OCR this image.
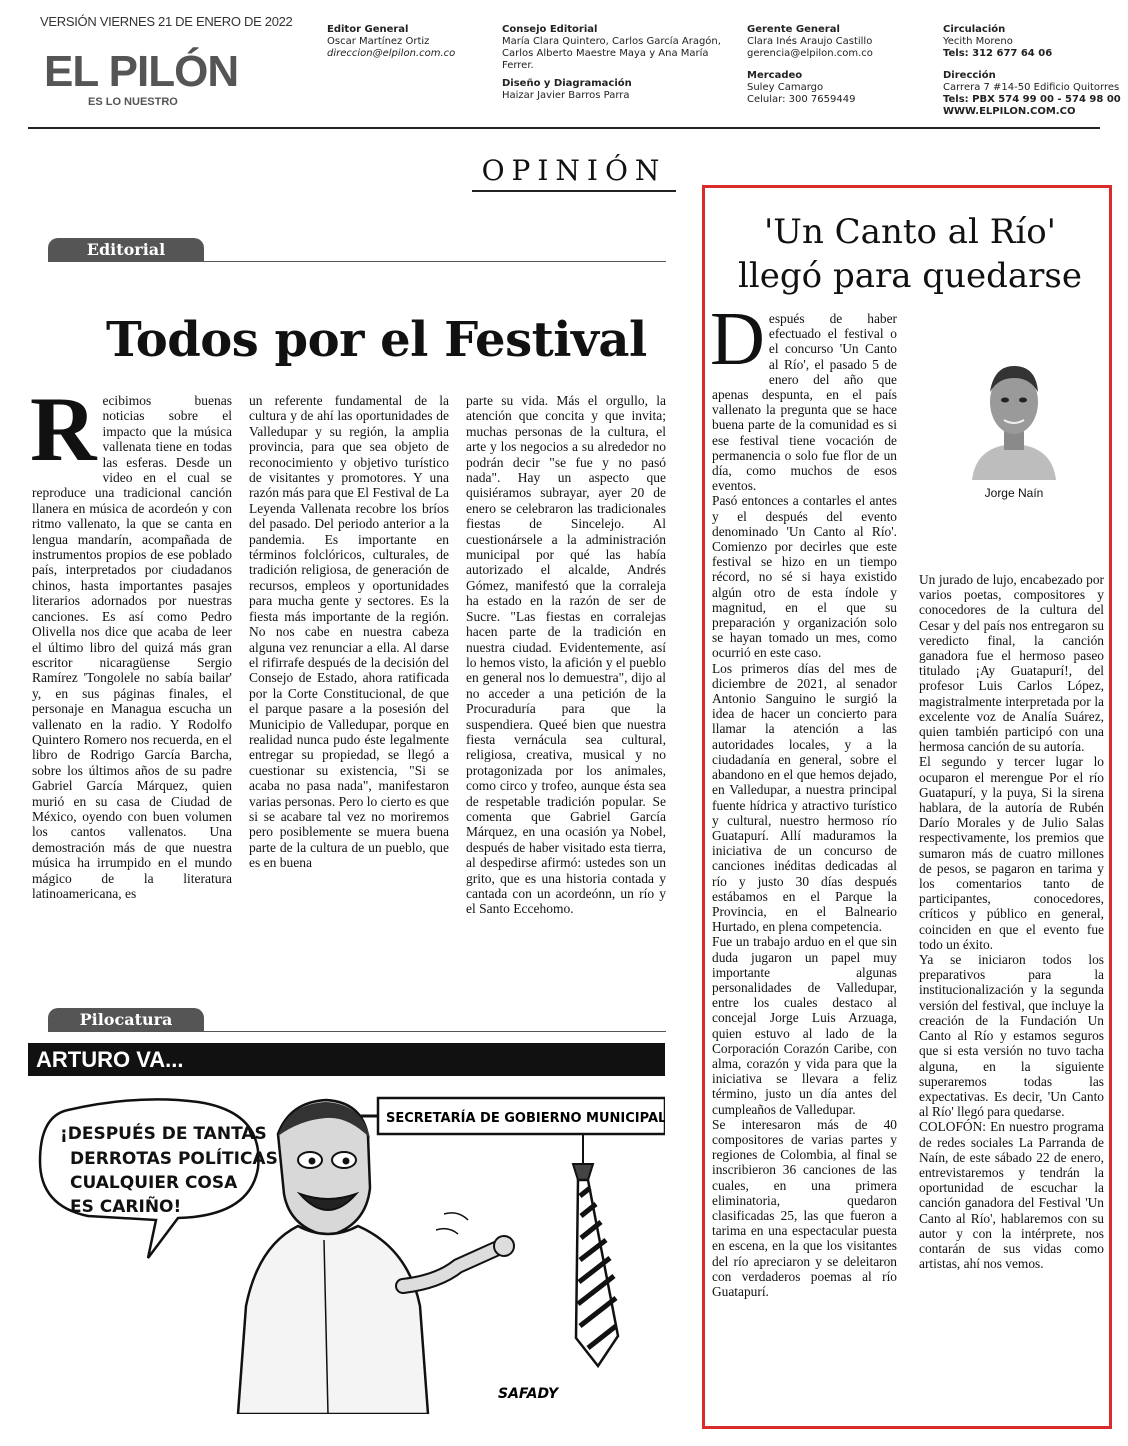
VERSIÓN VIERNES 21 DE ENERO DE 2022
EL PILÓN
ES LO NUESTRO
Editor General
Oscar Martínez Ortiz
direccion@elpilon.com.co
Consejo Editorial
María Clara Quintero, Carlos García Aragón,
Carlos Alberto Maestre Maya y Ana María
Ferrer.
Diseño y Diagramación
Haizar Javier Barros Parra
Gerente General
Clara Inés Araujo Castillo
gerencia@elpilon.com.co
Mercadeo
Suley Camargo
Celular: 300 7659449
Circulación
Yecith Moreno
Tels: 312 677 64 06
Dirección
Carrera 7 #14-50 Edificio Quitorres
Tels: PBX 574 99 00 - 574 98 00
WWW.ELPILON.COM.CO
OPINIÓN
Editorial
Todos por el Festival
R ecibimos buenas noticias sobre el impacto que la música vallenata tiene en todas las esferas. Desde un video en el cual se reproduce una tradicional canción llanera en música de acordeón y con ritmo vallenato, la que se canta en lengua mandarín, acompañada de instrumentos propios de ese poblado país, interpretados por ciudadanos chinos, hasta importantes pasajes literarios adornados por nuestras canciones. Es así como Pedro Olivella nos dice que acaba de leer el último libro del quizá más gran escritor nicaragüense Sergio Ramírez 'Tongolele no sabía bailar' y, en sus páginas finales, el personaje en Managua escucha un vallenato en la radio. Y Rodolfo Quintero Romero nos recuerda, en el libro de Rodrigo García Barcha, sobre los últimos años de su padre Gabriel García Márquez, quien murió en su casa de Ciudad de México, oyendo con buen volumen los cantos vallenatos. Una demostración más de que nuestra música ha irrumpido en el mundo mágico de la literatura latinoamericana, es
un referente fundamental de la cultura y de ahí las oportunidades de Valledupar y su región, la amplia provincia, para que sea objeto de reconocimiento y objetivo turístico de visitantes y promotores. Y una razón más para que El Festival de La Leyenda Vallenata recobre los bríos del pasado. Del periodo anterior a la pandemia. Es importante en términos folclóricos, culturales, de tradición religiosa, de generación de recursos, empleos y oportunidades para mucha gente y sectores. Es la fiesta más importante de la región. No nos cabe en nuestra cabeza alguna vez renunciar a ella. Al darse el rifirrafe después de la decisión del Consejo de Estado, ahora ratificada por la Corte Constitucional, de que el parque pasare a la posesión del Municipio de Valledupar, porque en realidad nunca pudo éste legalmente entregar su propiedad, se llegó a cuestionar su existencia, "Si se acaba no pasa nada", manifestaron varias personas. Pero lo cierto es que si se acabare tal vez no moriremos pero posiblemente se muera buena parte de la cultura de un pueblo, que es en buena
parte su vida. Más el orgullo, la atención que concita y que invita; muchas personas de la cultura, el arte y los negocios a su alrededor no podrán decir "se fue y no pasó nada". Hay un aspecto que quisiéramos subrayar, ayer 20 de enero se celebraron las tradicionales fiestas de Sincelejo. Al cuestionársele a la administración municipal por qué las había autorizado el alcalde, Andrés Gómez, manifestó que la corraleja ha estado en la razón de ser de Sucre. "Las fiestas en corralejas hacen parte de la tradición en nuestra ciudad. Evidentemente, así lo hemos visto, la afición y el pueblo en general nos lo demuestra", dijo al no acceder a una petición de la Procuraduría para que la suspendiera. Queé bien que nuestra fiesta vernácula sea cultural, religiosa, creativa, musical y no protagonizada por los animales, como circo y trofeo, aunque ésta sea de respetable tradición popular. Se comenta que Gabriel García Márquez, en una ocasión ya Nobel, después de haber visitado esta tierra, al despedirse afirmó: ustedes son un grito, que es una historia contada y cantada con un acordeónn, un río y el Santo Eccehomo.
Pilocatura
ARTURO VA...
¡DESPUÉS DE TANTAS DERROTAS POLÍTICAS CUALQUIER COSA ES CARIÑO!
SECRETARÍA DE GOBIERNO MUNICIPAL
SAFADY
'Un Canto al Río' llegó para quedarse
Jorge Naín
D espués de haber efectuado el festival o el concurso 'Un Canto al Río', el pasado 5 de enero del año que apenas despunta, en el país vallenato la pregunta que se hace buena parte de la comunidad es si ese festival tiene vocación de permanencia o solo fue flor de un día, como muchos de esos eventos.
Pasó entonces a contarles el antes y el después del evento denominado 'Un Canto al Río'. Comienzo por decirles que este festival se hizo en un tiempo récord, no sé si haya existido algún otro de esta índole y magnitud, en el que su preparación y organización solo se hayan tomado un mes, como ocurrió en este caso.
Los primeros días del mes de diciembre de 2021, al senador Antonio Sanguino le surgió la idea de hacer un concierto para llamar la atención a las autoridades locales, y a la ciudadanía en general, sobre el abandono en el que hemos dejado, en Valledupar, a nuestra principal fuente hídrica y atractivo turístico y cultural, nuestro hermoso río Guatapurí. Allí maduramos la iniciativa de un concurso de canciones inéditas dedicadas al río y justo 30 días después estábamos en el Parque la Provincia, en el Balneario Hurtado, en plena competencia.
Fue un trabajo arduo en el que sin duda jugaron un papel muy importante algunas personalidades de Valledupar, entre los cuales destaco al concejal Jorge Luis Arzuaga, quien estuvo al lado de la Corporación Corazón Caribe, con alma, corazón y vida para que la iniciativa se llevara a feliz término, justo un día antes del cumpleaños de Valledupar.
Se interesaron más de 40 compositores de varias partes y regiones de Colombia, al final se inscribieron 36 canciones de las cuales, en una primera eliminatoria, quedaron clasificadas 25, las que fueron a tarima en una espectacular puesta en escena, en la que los visitantes del río apreciaron y se deleitaron con verdaderos poemas al río Guatapurí.
Un jurado de lujo, encabezado por varios poetas, compositores y conocedores de la cultura del Cesar y del país nos entregaron su veredicto final, la canción ganadora fue el hermoso paseo titulado ¡Ay Guatapurí!, del profesor Luis Carlos López, magistralmente interpretada por la excelente voz de Analía Suárez, quien también participó con una hermosa canción de su autoría.
El segundo y tercer lugar lo ocuparon el merengue Por el río Guatapurí, y la puya, Si la sirena hablara, de la autoría de Rubén Darío Morales y de Julio Salas respectivamente, los premios que sumaron más de cuatro millones de pesos, se pagaron en tarima y los comentarios tanto de participantes, conocedores, críticos y público en general, coinciden en que el evento fue todo un éxito.
Ya se iniciaron todos los preparativos para la institucionalización y la segunda versión del festival, que incluye la creación de la Fundación Un Canto al Río y estamos seguros que si esta versión no tuvo tacha alguna, en la siguiente superaremos todas las expectativas. Es decir, 'Un Canto al Río' llegó para quedarse.
COLOFÓN: En nuestro programa de redes sociales La Parranda de Naín, de este sábado 22 de enero, entrevistaremos y tendrán la oportunidad de escuchar la canción ganadora del Festival 'Un Canto al Río', hablaremos con su autor y con la intérprete, nos contarán de sus vidas como artistas, ahí nos vemos.
